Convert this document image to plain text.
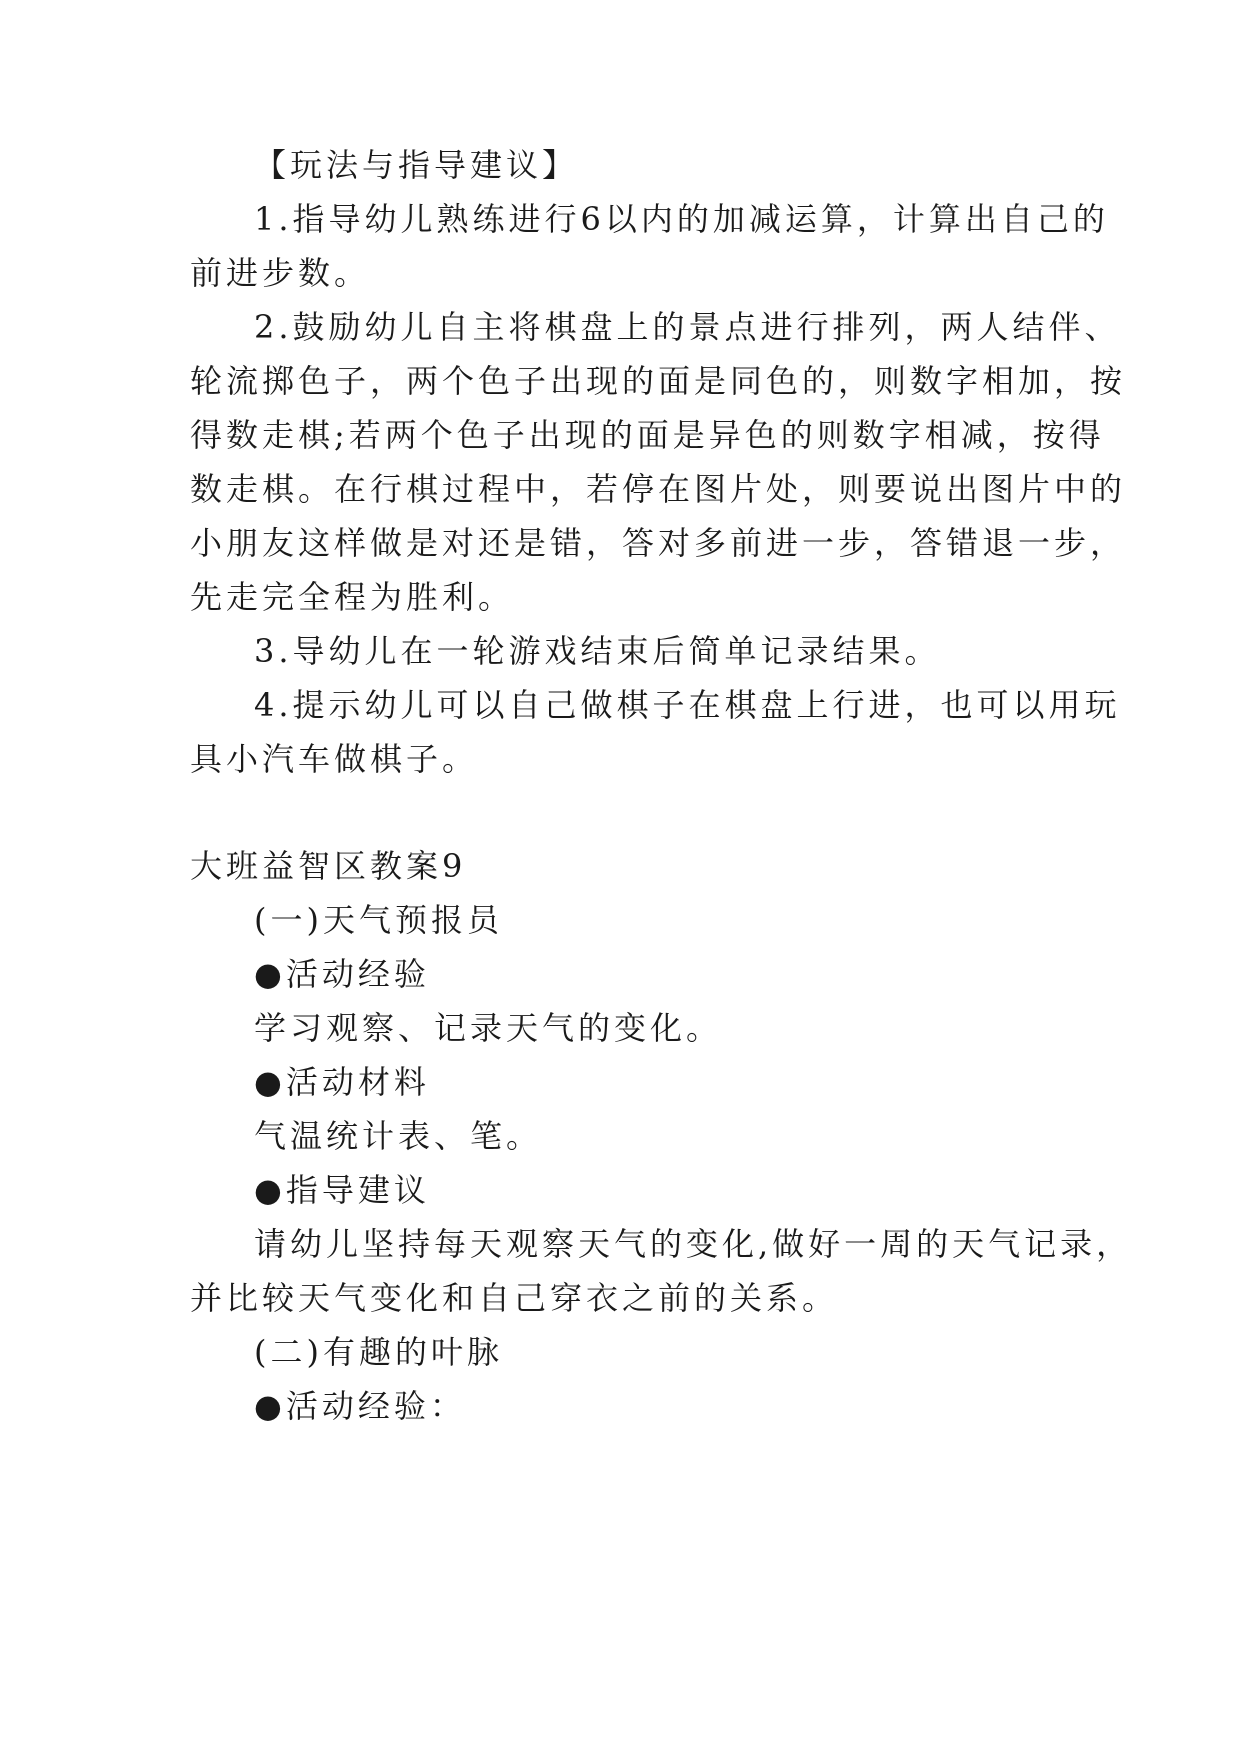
【玩法与指导建议】
1.指导幼儿熟练进行6以内的加减运算，计算出自己的
前进步数。
2.鼓励幼儿自主将棋盘上的景点进行排列，两人结伴、
轮流掷色子，两个色子出现的面是同色的，则数字相加，按
得数走棋;若两个色子出现的面是异色的则数字相减，按得
数走棋。在行棋过程中，若停在图片处，则要说出图片中的
小朋友这样做是对还是错，答对多前进一步，答错退一步，
先走完全程为胜利。
3.导幼儿在一轮游戏结束后简单记录结果。
4.提示幼儿可以自己做棋子在棋盘上行进，也可以用玩
具小汽车做棋子。
大班益智区教案9
(一)天气预报员
●活动经验
学习观察、记录天气的变化。
●活动材料
气温统计表、笔。
●指导建议
请幼儿坚持每天观察天气的变化,做好一周的天气记录，
并比较天气变化和自己穿衣之前的关系。
(二)有趣的叶脉
●活动经验：
